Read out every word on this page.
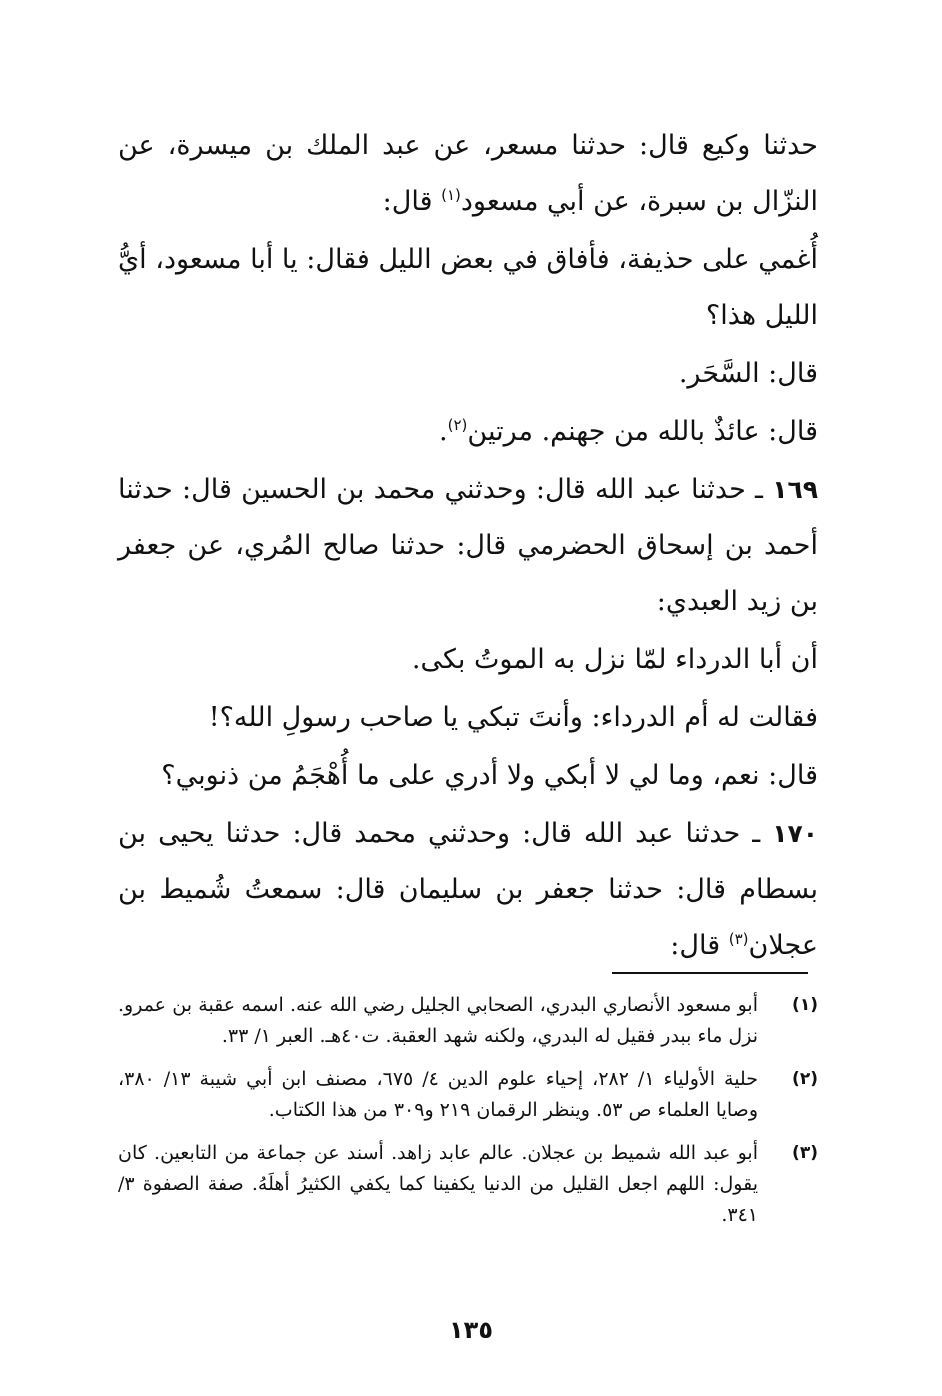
حدثنا وكيع قال: حدثنا مسعر، عن عبد الملك بن ميسرة، عن النزّال بن سبرة، عن أبي مسعود$^{(١)}$ قال:

أُغمي على حذيفة، فأفاق في بعض الليل فقال: يا أبا مسعود، أيُّ الليل هذا؟

قال: السَّحَر.

قال: عائذٌ بالله من جهنم. مرتين$^{(٢)}$.

١٦٩ ـ حدثنا عبد الله قال: وحدثني محمد بن الحسين قال: حدثنا أحمد بن إسحاق الحضرمي قال: حدثنا صالح المُري، عن جعفر بن زيد العبدي:

أن أبا الدرداء لمّا نزل به الموتُ بكى.

فقالت له أم الدرداء: وأنتَ تبكي يا صاحب رسولِ الله؟!

قال: نعم، وما لي لا أبكي ولا أدري على ما أُهْجَمُ من ذنوبي؟

١٧٠ ـ حدثنا عبد الله قال: وحدثني محمد قال: حدثنا يحيى بن بسطام قال: حدثنا جعفر بن سليمان قال: سمعتُ شُميط بن عجلان$^{(٣)}$ قال:

(١)
أبو مسعود الأنصاري البدري، الصحابي الجليل رضي الله عنه. اسمه عقبة بن عمرو. نزل ماء ببدر فقيل له البدري، ولكنه شهد العقبة. ت٤٠هـ. العبر ١/ ٣٣.
(٢)
حلية الأولياء ١/ ٢٨٢، إحياء علوم الدين ٤/ ٦٧٥، مصنف ابن أبي شيبة ١٣/ ٣٨٠، وصايا العلماء ص ٥٣. وينظر الرقمان ٢١٩ و٣٠٩ من هذا الكتاب.
(٣)
أبو عبد الله شميط بن عجلان. عالم عابد زاهد. أسند عن جماعة من التابعين. كان يقول: اللهم اجعل القليل من الدنيا يكفينا كما يكفي الكثيرُ أهلَهُ. صفة الصفوة ٣/ ٣٤١.
١٣٥
